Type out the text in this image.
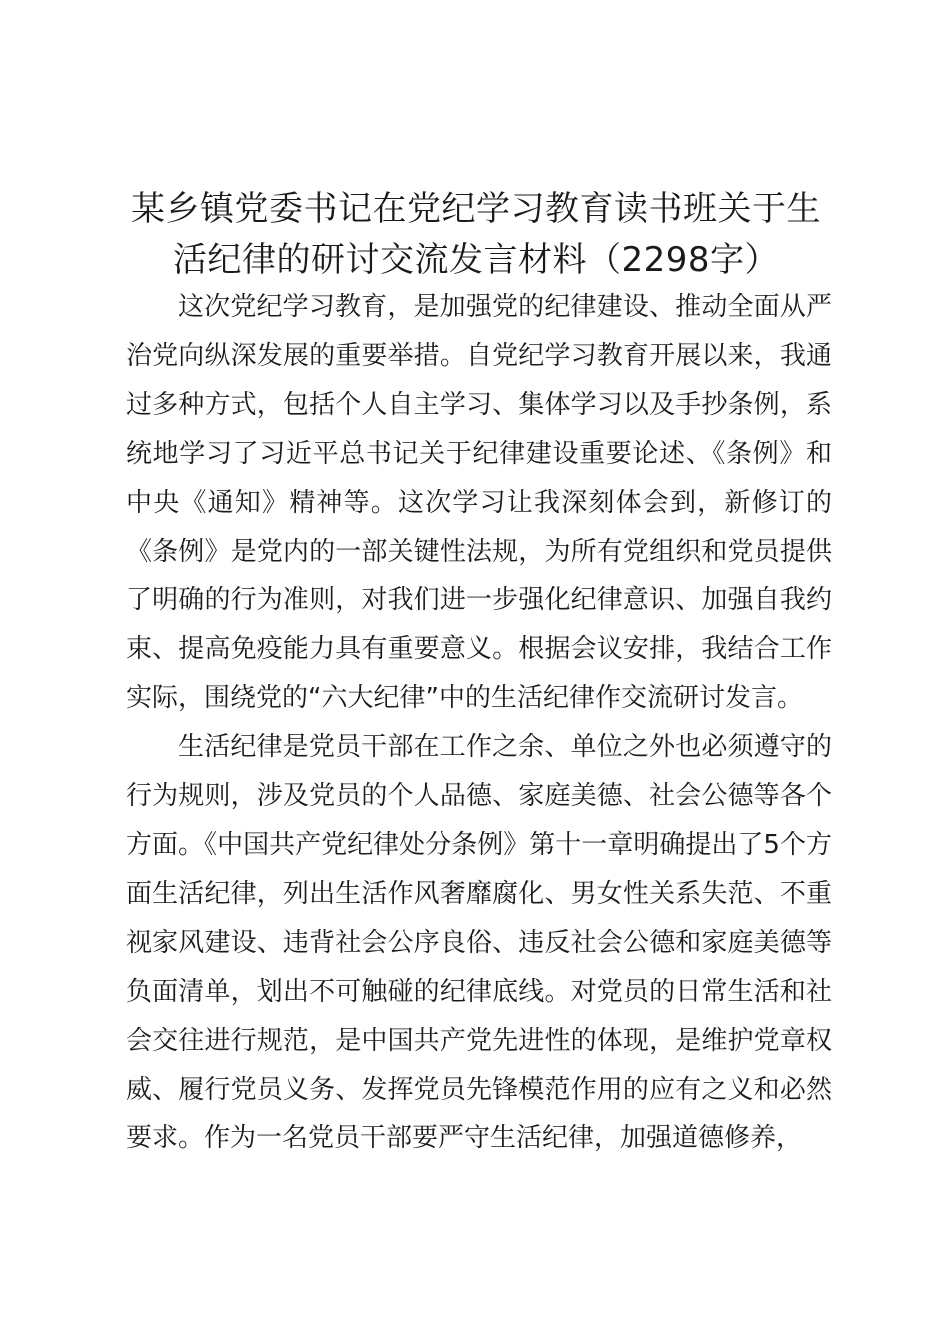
某乡镇党委书记在党纪学习教育读书班关于生活纪律的研讨交流发言材料（2298字）

这次党纪学习教育，是加强党的纪律建设、推动全面从严治党向纵深发展的重要举措。自党纪学习教育开展以来，我通过多种方式，包括个人自主学习、集体学习以及手抄条例，系统地学习了习近平总书记关于纪律建设重要论述、《条例》和中央《通知》精神等。这次学习让我深刻体会到，新修订的《条例》是党内的一部关键性法规，为所有党组织和党员提供了明确的行为准则，对我们进一步强化纪律意识、加强自我约束、提高免疫能力具有重要意义。根据会议安排，我结合工作实际，围绕党的“六大纪律”中的生活纪律作交流研讨发言。

生活纪律是党员干部在工作之余、单位之外也必须遵守的行为规则，涉及党员的个人品德、家庭美德、社会公德等各个方面。《中国共产党纪律处分条例》第十一章明确提出了5个方面生活纪律，列出生活作风奢靡腐化、男女性关系失范、不重视家风建设、违背社会公序良俗、违反社会公德和家庭美德等负面清单，划出不可触碰的纪律底线。对党员的日常生活和社会交往进行规范，是中国共产党先进性的体现，是维护党章权威、履行党员义务、发挥党员先锋模范作用的应有之义和必然要求。作为一名党员干部要严守生活纪律，加强道德修养，
